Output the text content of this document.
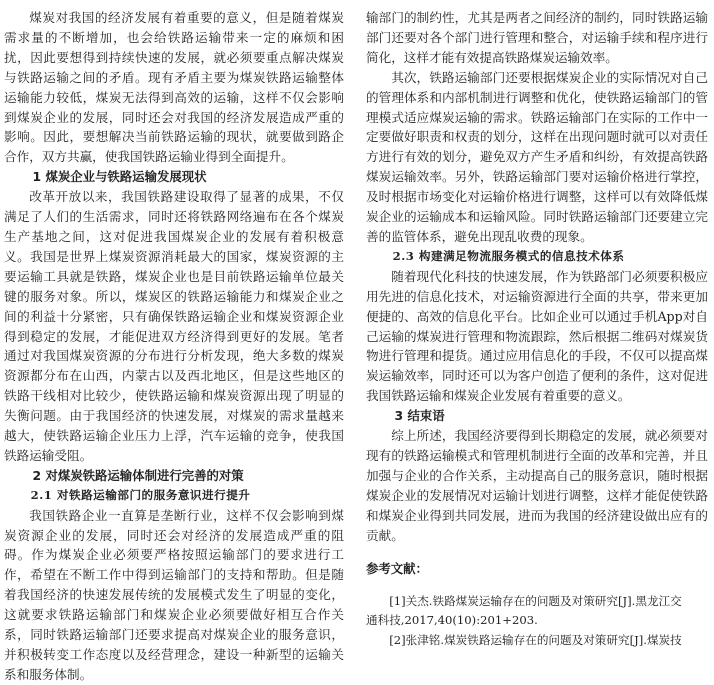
煤炭对我国的经济发展有着重要的意义，但是随着煤炭需求量的不断增加，也会给铁路运输带来一定的麻烦和困扰，因此要想得到持续快速的发展，就必须要重点解决煤炭与铁路运输之间的矛盾。现有矛盾主要为煤炭铁路运输整体运输能力较低，煤炭无法得到高效的运输，这样不仅会影响到煤炭企业的发展，同时还会对我国的经济发展造成严重的影响。因此，要想解决当前铁路运输的现状，就要做到路企合作，双方共赢，使我国铁路运输业得到全面提升。

1 煤炭企业与铁路运输发展现状

改革开放以来，我国铁路建设取得了显著的成果，不仅满足了人们的生活需求，同时还将铁路网络遍布在各个煤炭生产基地之间，这对促进我国煤炭企业的发展有着积极意义。我国是世界上煤炭资源消耗最大的国家，煤炭资源的主要运输工具就是铁路，煤炭企业也是目前铁路运输单位最关键的服务对象。所以，煤炭区的铁路运输能力和煤炭企业之间的利益十分紧密，只有确保铁路运输企业和煤炭资源企业得到稳定的发展，才能促进双方经济得到更好的发展。笔者通过对我国煤炭资源的分布进行分析发现，绝大多数的煤炭资源都分布在山西，内蒙古以及西北地区，但是这些地区的铁路干线相对比较少，使铁路运输和煤炭资源出现了明显的失衡问题。由于我国经济的快速发展，对煤炭的需求量越来越大，使铁路运输企业压力上浮，汽车运输的竞争，使我国铁路运输受阻。

2 对煤炭铁路运输体制进行完善的对策

2.1 对铁路运输部门的服务意识进行提升

我国铁路企业一直算是垄断行业，这样不仅会影响到煤炭资源企业的发展，同时还会对经济的发展造成严重的阻碍。作为煤炭企业必须要严格按照运输部门的要求进行工作，希望在不断工作中得到运输部门的支持和帮助。但是随着我国经济的快速发展传统的发展模式发生了明显的变化，这就要求铁路运输部门和煤炭企业必须要做好相互合作关系，同时铁路运输部门还要求提高对煤炭企业的服务意识，并积极转变工作态度以及经营理念，建设一种新型的运输关系和服务体制。

输部门的制约性，尤其是两者之间经济的制约，同时铁路运输部门还要对各个部门进行管理和整合，对运输手续和程序进行简化，这样才能有效提高铁路煤炭运输效率。

其次，铁路运输部门还要根据煤炭企业的实际情况对自己的管理体系和内部机制进行调整和优化，使铁路运输部门的管理模式适应煤炭运输的需求。铁路运输部门在实际的工作中一定要做好职责和权责的划分，这样在出现问题时就可以对责任方进行有效的划分，避免双方产生矛盾和纠纷，有效提高铁路煤炭运输效率。另外，铁路运输部门要对运输价格进行掌控，及时根据市场变化对运输价格进行调整，这样可以有效降低煤炭企业的运输成本和运输风险。同时铁路运输部门还要建立完善的监管体系，避免出现乱收费的现象。

2.3 构建满足物流服务模式的信息技术体系

随着现代化科技的快速发展，作为铁路部门必须要积极应用先进的信息化技术，对运输资源进行全面的共享，带来更加便捷的、高效的信息化平台。比如企业可以通过手机App对自己运输的煤炭进行管理和物流跟踪，然后根据二维码对煤炭货物进行管理和提货。通过应用信息化的手段，不仅可以提高煤炭运输效率，同时还可以为客户创造了便利的条件，这对促进我国铁路运输和煤炭企业发展有着重要的意义。

3 结束语

综上所述，我国经济要得到长期稳定的发展，就必须要对现有的铁路运输模式和管理机制进行全面的改革和完善，并且加强与企业的合作关系，主动提高自己的服务意识，随时根据煤炭企业的发展情况对运输计划进行调整，这样才能促使铁路和煤炭企业得到共同发展，进而为我国的经济建设做出应有的贡献。

参考文献：

[1]关杰.铁路煤炭运输存在的问题及对策研究[J].黑龙江交
通科技,2017,40(10):201+203.

[2]张津铭.煤炭铁路运输存在的问题及对策研究[J].煤炭技
